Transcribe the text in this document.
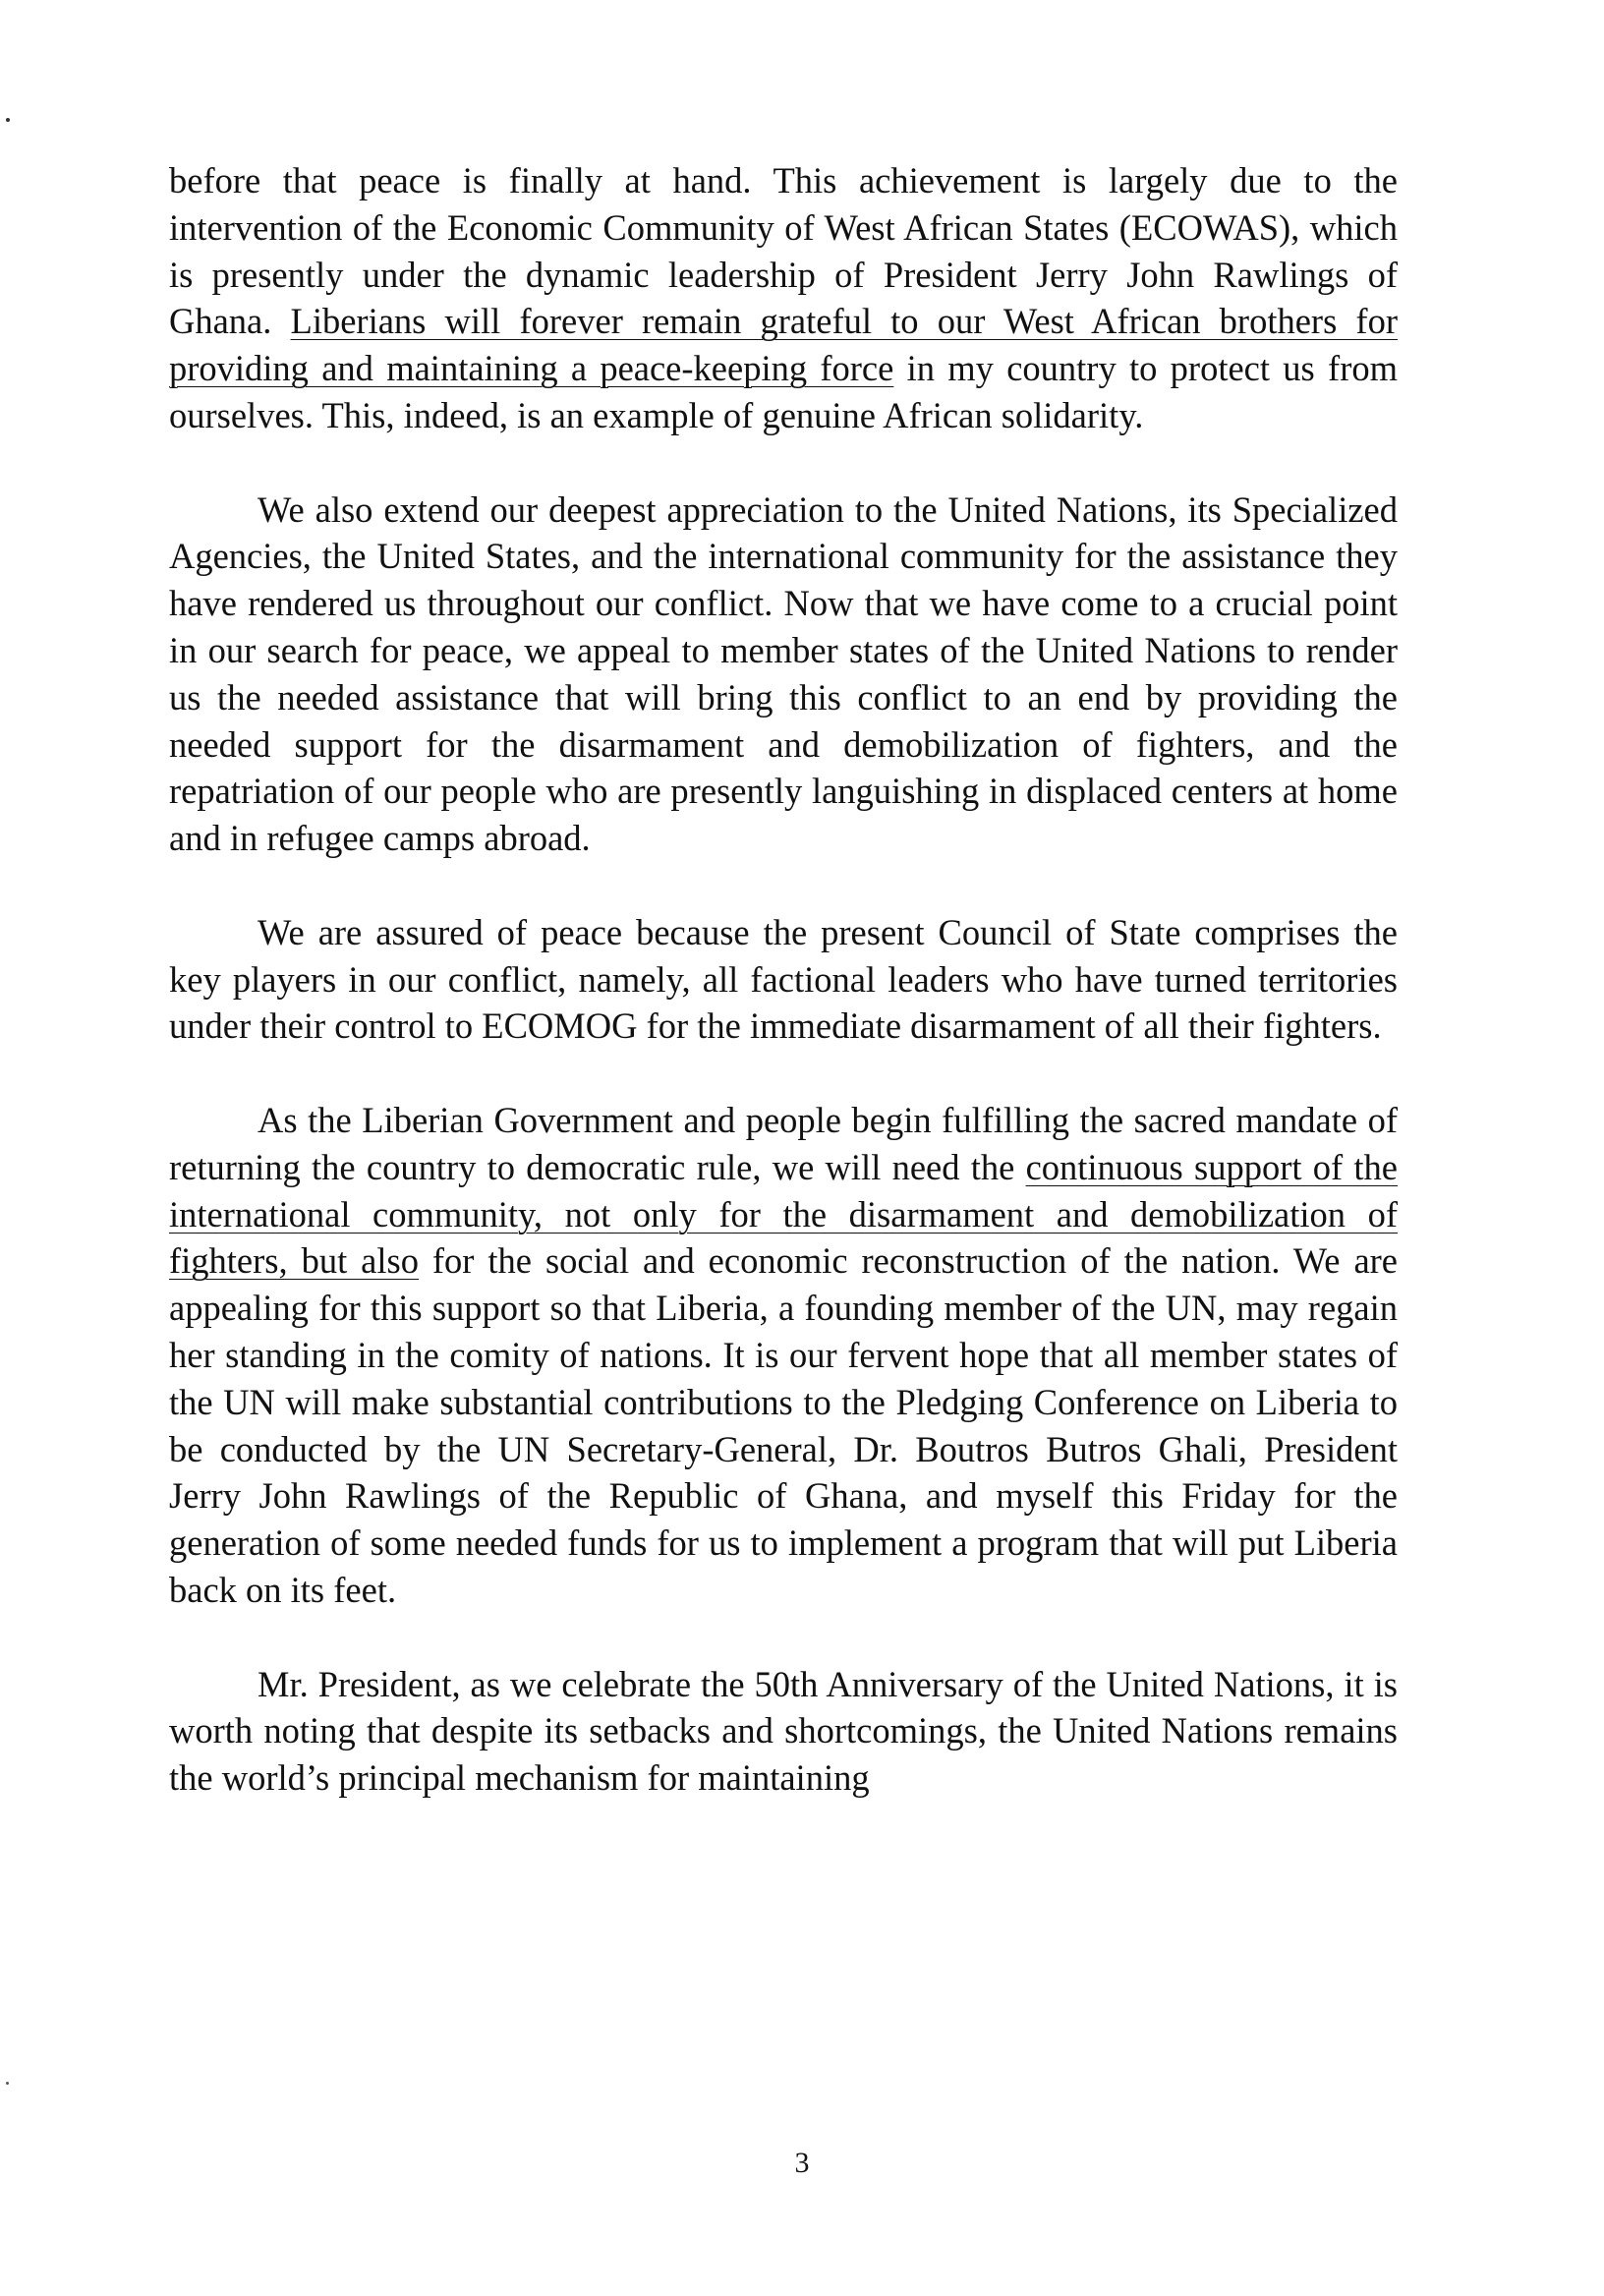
before that peace is finally at hand. This achievement is largely due to the intervention of the Economic Community of West African States (ECOWAS), which is presently under the dynamic leadership of President Jerry John Rawlings of Ghana. Liberians will forever remain grateful to our West African brothers for providing and maintaining a peace-keeping force in my country to protect us from ourselves. This, indeed, is an example of genuine African solidarity.

We also extend our deepest appreciation to the United Nations, its Specialized Agencies, the United States, and the international community for the assistance they have rendered us throughout our conflict. Now that we have come to a crucial point in our search for peace, we appeal to member states of the United Nations to render us the needed assistance that will bring this conflict to an end by providing the needed support for the disarmament and demobilization of fighters, and the repatriation of our people who are presently languishing in displaced centers at home and in refugee camps abroad.

We are assured of peace because the present Council of State comprises the key players in our conflict, namely, all factional leaders who have turned territories under their control to ECOMOG for the immediate disarmament of all their fighters.

As the Liberian Government and people begin fulfilling the sacred mandate of returning the country to democratic rule, we will need the continuous support of the international community, not only for the disarmament and demobilization of fighters, but also for the social and economic reconstruction of the nation. We are appealing for this support so that Liberia, a founding member of the UN, may regain her standing in the comity of nations. It is our fervent hope that all member states of the UN will make substantial contributions to the Pledging Conference on Liberia to be conducted by the UN Secretary-General, Dr. Boutros Butros Ghali, President Jerry John Rawlings of the Republic of Ghana, and myself this Friday for the generation of some needed funds for us to implement a program that will put Liberia back on its feet.

Mr. President, as we celebrate the 50th Anniversary of the United Nations, it is worth noting that despite its setbacks and shortcomings, the United Nations remains the world’s principal mechanism for maintaining

3
